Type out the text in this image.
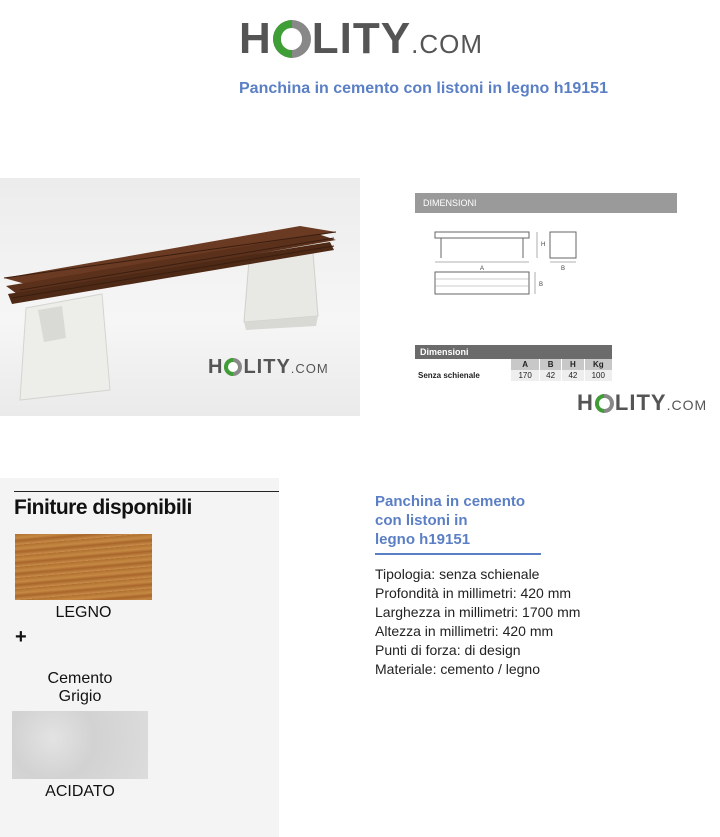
H LITY .COM
Panchina in cemento con listoni in legno h19151
H LITY .COM
DIMENSIONI
A
H
B
B
Dimensioni				
	A	B	H	Kg
Senza schienale	170	42	42	100
H LITY .COM
Finiture disponibili
LEGNO
+
Cemento
Grigio
ACIDATO
Panchina in cemento
con listoni in
legno h19151
Tipologia: senza schienale
Profondità in millimetri: 420 mm
Larghezza in millimetri: 1700 mm
Altezza in millimetri: 420 mm
Punti di forza: di design
Materiale: cemento / legno
